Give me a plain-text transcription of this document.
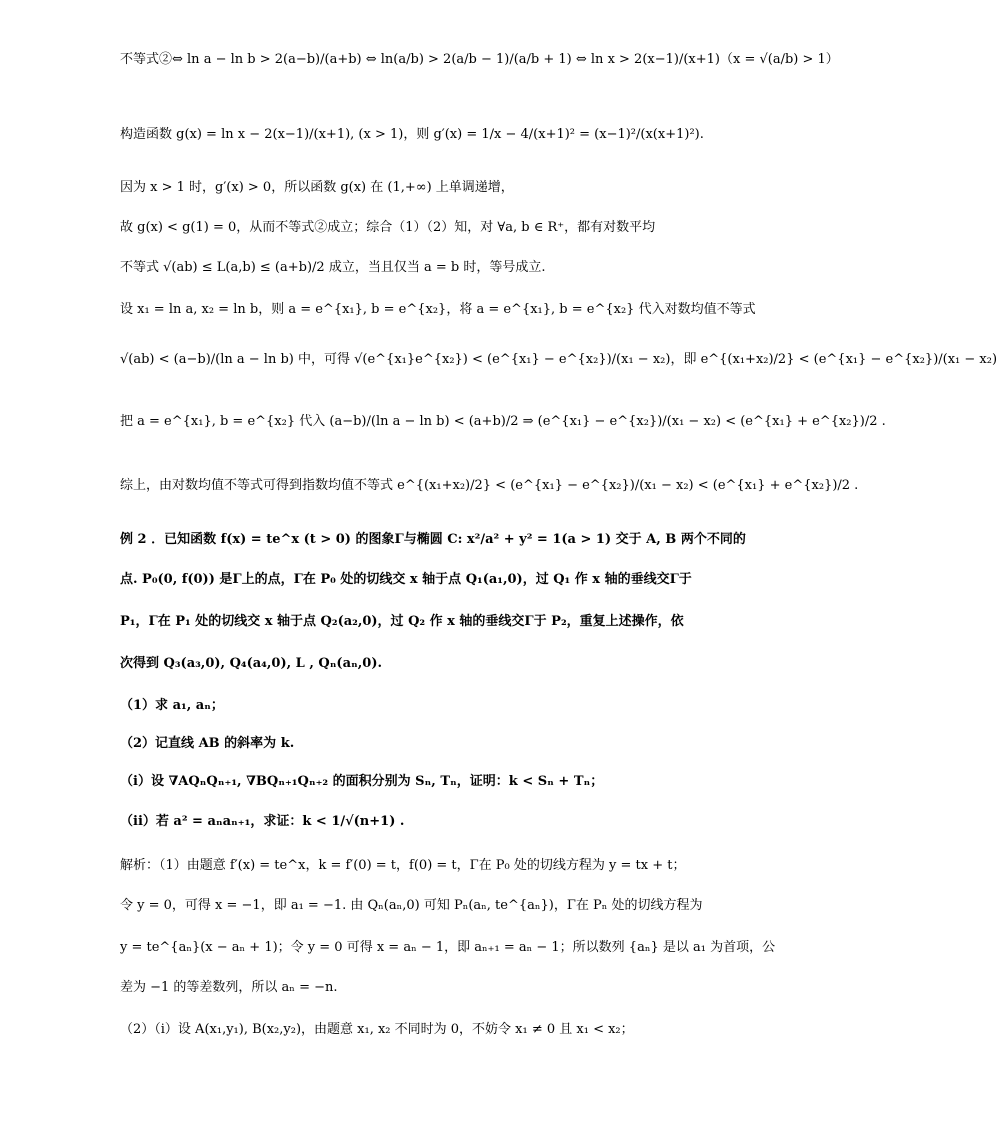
不等式②⇔ ln a − ln b > 2(a−b)/(a+b) ⇔ ln(a/b) > 2(a/b − 1)/(a/b + 1) ⇔ ln x > 2(x−1)/(x+1)（x = √(a/b) > 1）
构造函数 g(x) = ln x − 2(x−1)/(x+1), (x > 1)，则 g′(x) = 1/x − 4/(x+1)² = (x−1)²/(x(x+1)²).
因为 x > 1 时，g′(x) > 0，所以函数 g(x) 在 (1,+∞) 上单调递增，
故 g(x) < g(1) = 0，从而不等式②成立；综合（1）（2）知，对 ∀a, b ∈ R⁺，都有对数平均
不等式 √(ab) ≤ L(a,b) ≤ (a+b)/2 成立，当且仅当 a = b 时，等号成立.
设 x₁ = ln a, x₂ = ln b，则 a = e^{x₁}, b = e^{x₂}，将 a = e^{x₁}, b = e^{x₂} 代入对数均值不等式
√(ab) < (a−b)/(ln a − ln b) 中，可得 √(e^{x₁}e^{x₂}) < (e^{x₁} − e^{x₂})/(x₁ − x₂)，即 e^{(x₁+x₂)/2} < (e^{x₁} − e^{x₂})/(x₁ − x₂)
把 a = e^{x₁}, b = e^{x₂} 代入 (a−b)/(ln a − ln b) < (a+b)/2 ⇒ (e^{x₁} − e^{x₂})/(x₁ − x₂) < (e^{x₁} + e^{x₂})/2 .
综上，由对数均值不等式可得到指数均值不等式 e^{(x₁+x₂)/2} < (e^{x₁} − e^{x₂})/(x₁ − x₂) < (e^{x₁} + e^{x₂})/2 .
例 2 ．已知函数 f(x) = te^x (t > 0) 的图象Γ与椭圆 C: x²/a² + y² = 1(a > 1) 交于 A, B 两个不同的
点. P₀(0, f(0)) 是Γ上的点，Γ在 P₀ 处的切线交 x 轴于点 Q₁(a₁,0)，过 Q₁ 作 x 轴的垂线交Γ于
P₁，Γ在 P₁ 处的切线交 x 轴于点 Q₂(a₂,0)，过 Q₂ 作 x 轴的垂线交Γ于 P₂，重复上述操作，依
次得到 Q₃(a₃,0), Q₄(a₄,0), L , Qₙ(aₙ,0).
（1）求 a₁, aₙ；
（2）记直线 AB 的斜率为 k.
（i）设 ∇AQₙQₙ₊₁, ∇BQₙ₊₁Qₙ₊₂ 的面积分别为 Sₙ, Tₙ，证明：k < Sₙ + Tₙ；
（ii）若 a² = aₙaₙ₊₁，求证：k < 1/√(n+1) .
解析：（1）由题意 f′(x) = te^x，k = f′(0) = t，f(0) = t，Γ在 P₀ 处的切线方程为 y = tx + t；
令 y = 0，可得 x = −1，即 a₁ = −1. 由 Qₙ(aₙ,0) 可知 Pₙ(aₙ, te^{aₙ})，Γ在 Pₙ 处的切线方程为
y = te^{aₙ}(x − aₙ + 1)；令 y = 0 可得 x = aₙ − 1，即 aₙ₊₁ = aₙ − 1；所以数列 {aₙ} 是以 a₁ 为首项，公
差为 −1 的等差数列，所以 aₙ = −n.
（2）（i）设 A(x₁,y₁), B(x₂,y₂)，由题意 x₁, x₂ 不同时为 0，不妨令 x₁ ≠ 0 且 x₁ < x₂；
